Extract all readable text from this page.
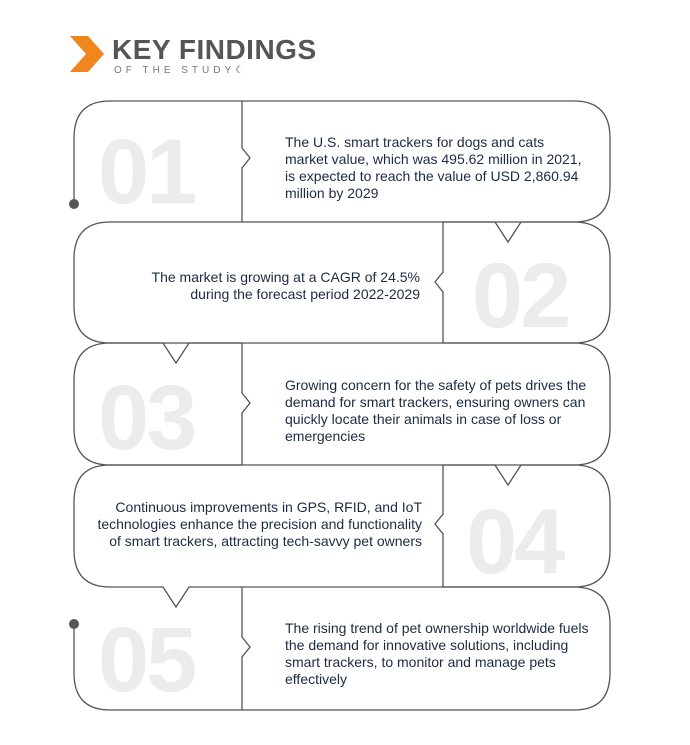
KEY FINDINGS
OF THE STUDY☾
01
02
03
04
05
The U.S. smart trackers for dogs and cats market value, which was 495.62 million in 2021, is expected to reach the value of USD 2,860.94 million by 2029
The market is growing at a CAGR of 24.5% during the forecast period 2022-2029
Growing concern for the safety of pets drives the demand for smart trackers, ensuring owners can quickly locate their animals in case of loss or emergencies
Continuous improvements in GPS, RFID, and IoT technologies enhance the precision and functionality of smart trackers, attracting tech-savvy pet owners
The rising trend of pet ownership worldwide fuels the demand for innovative solutions, including smart trackers, to monitor and manage pets effectively
